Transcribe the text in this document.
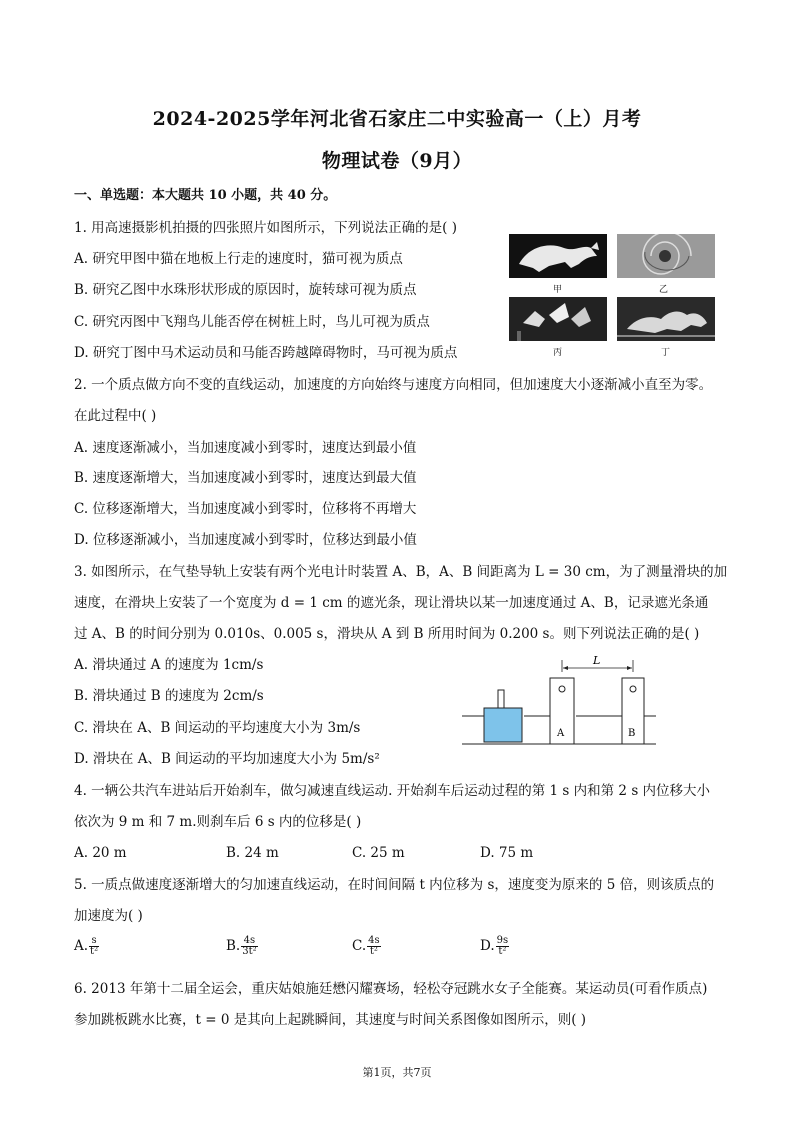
2024-2025学年河北省石家庄二中实验高一（上）月考
物理试卷（9月）
一、单选题：本大题共 10 小题，共 40 分。
1. 用高速摄影机拍摄的四张照片如图所示，下列说法正确的是( )
A. 研究甲图中猫在地板上行走的速度时，猫可视为质点
B. 研究乙图中水珠形状形成的原因时，旋转球可视为质点
C. 研究丙图中飞翔鸟儿能否停在树桩上时，鸟儿可视为质点
D. 研究丁图中马术运动员和马能否跨越障碍物时，马可视为质点
甲	乙
丙	丁
2. 一个质点做方向不变的直线运动，加速度的方向始终与速度方向相同，但加速度大小逐渐减小直至为零。
在此过程中( )
A. 速度逐渐减小，当加速度减小到零时，速度达到最小值
B. 速度逐渐增大，当加速度减小到零时，速度达到最大值
C. 位移逐渐增大，当加速度减小到零时，位移将不再增大
D. 位移逐渐减小，当加速度减小到零时，位移达到最小值
3. 如图所示，在气垫导轨上安装有两个光电计时装置 A、B，A、B 间距离为 L = 30 cm，为了测量滑块的加
速度，在滑块上安装了一个宽度为 d = 1 cm 的遮光条，现让滑块以某一加速度通过 A、B，记录遮光条通
过 A、B 的时间分别为 0.010s、0.005 s，滑块从 A 到 B 所用时间为 0.200 s。则下列说法正确的是( )
A. 滑块通过 A 的速度为 1cm/s
B. 滑块通过 B 的速度为 2cm/s
C. 滑块在 A、B 间运动的平均速度大小为 3m/s
D. 滑块在 A、B 间运动的平均加速度大小为 5m/s²
L
A	B
4. 一辆公共汽车进站后开始刹车，做匀减速直线运动. 开始刹车后运动过程的第 1 s 内和第 2 s 内位移大小
依次为 9 m 和 7 m.则刹车后 6 s 内的位移是( )
A. 20 m	B. 24 m	C. 25 m	D. 75 m
5. 一质点做速度逐渐增大的匀加速直线运动，在时间间隔 t 内位移为 s，速度变为原来的 5 倍，则该质点的
加速度为( )
A. $\frac{s}{\text{t²}}$	B. $\frac{4s}{\text{3t²}}$	C. $\frac{4s}{\text{t²}}$	D. $\frac{9s}{\text{t²}}$
6. 2013 年第十二届全运会，重庆姑娘施廷懋闪耀赛场，轻松夺冠跳水女子全能赛。某运动员(可看作质点)
参加跳板跳水比赛，t = 0 是其向上起跳瞬间，其速度与时间关系图像如图所示，则( )
第1页，共7页
